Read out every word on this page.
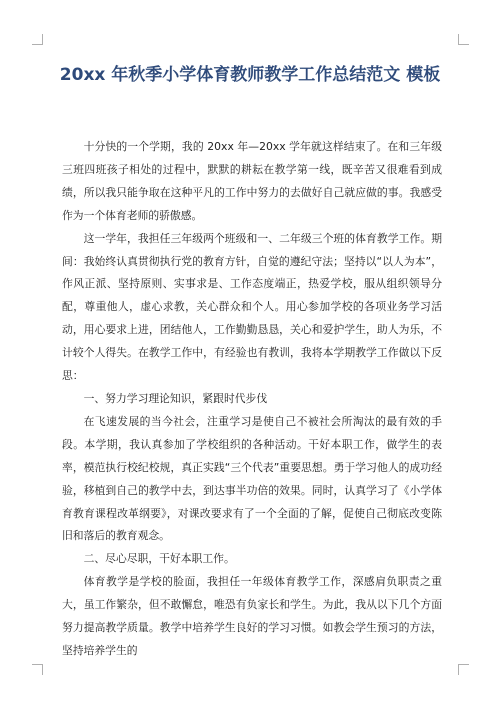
20xx 年秋季小学体育教师教学工作总结范文 模板

十分快的一个学期，我的 20xx 年—20xx 学年就这样结束了。在和三年级三班四班孩子相处的过程中，默默的耕耘在教学第一线，既辛苦又很难看到成绩，所以我只能争取在这种平凡的工作中努力的去做好自己就应做的事。我感受作为一个体育老师的骄傲感。

这一学年，我担任三年级两个班级和一、二年级三个班的体育教学工作。期间：我始终认真贯彻执行党的教育方针，自觉的遵纪守法；坚持以“以人为本”，作风正派、坚持原则、实事求是、工作态度端正，热爱学校，服从组织领导分配，尊重他人，虚心求教，关心群众和个人。用心参加学校的各项业务学习活动，用心要求上进，团结他人，工作勤勤恳恳，关心和爱护学生，助人为乐，不计较个人得失。在教学工作中，有经验也有教训，我将本学期教学工作做以下反思：

一、努力学习理论知识，紧跟时代步伐

在飞速发展的当今社会，注重学习是使自己不被社会所淘汰的最有效的手段。本学期，我认真参加了学校组织的各种活动。干好本职工作，做学生的表率，模范执行校纪校规，真正实践“三个代表”重要思想。勇于学习他人的成功经验，移植到自己的教学中去，到达事半功倍的效果。同时，认真学习了《小学体育教育课程改革纲要》，对课改要求有了一个全面的了解，促使自己彻底改变陈旧和落后的教育观念。

二、尽心尽职，干好本职工作。

体育教学是学校的脸面，我担任一年级体育教学工作，深感肩负职责之重大，虽工作繁杂，但不敢懈怠，唯恐有负家长和学生。为此，我从以下几个方面努力提高教学质量。教学中培养学生良好的学习习惯。如教会学生预习的方法，坚持培养学生的
